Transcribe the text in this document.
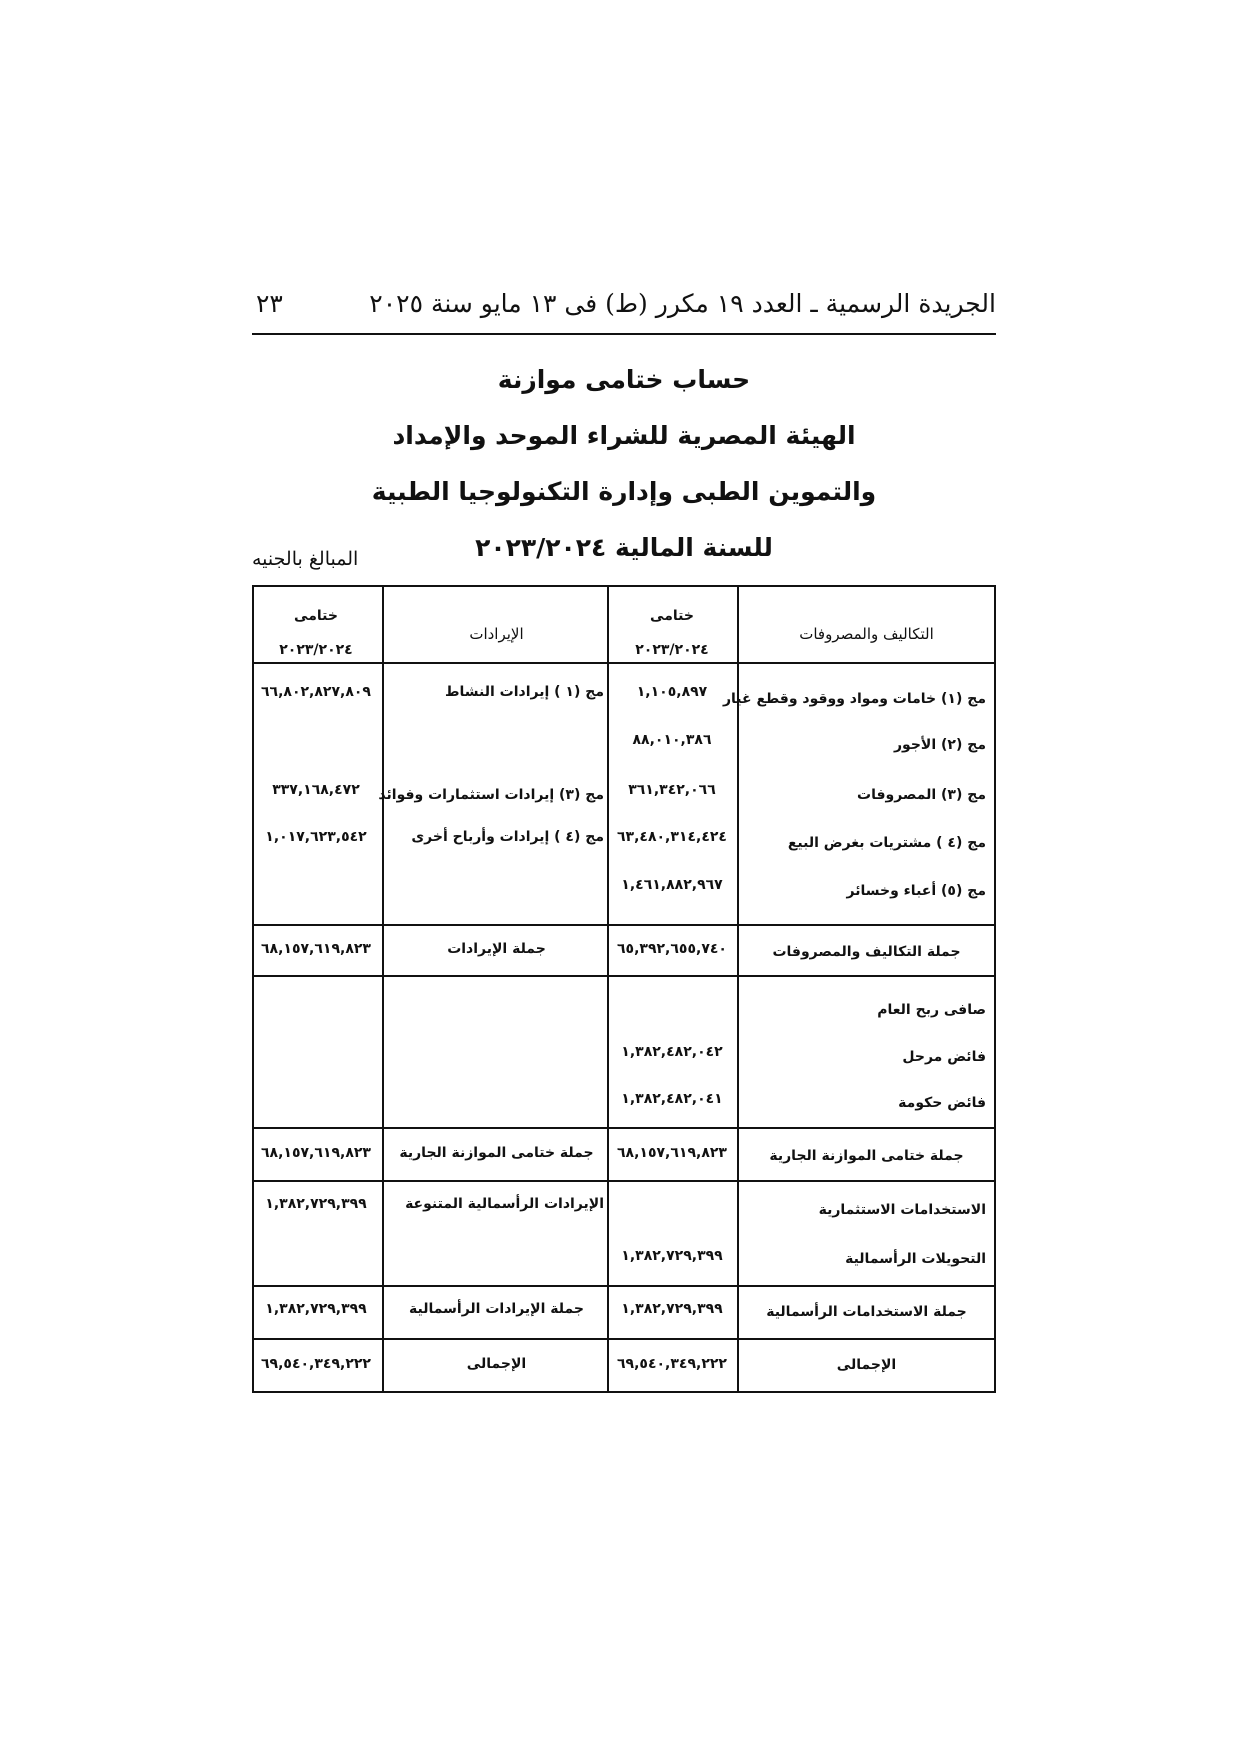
الجريدة الرسمية ـ العدد ١٩ مكرر (ط) فى ١٣ مايو سنة ٢٠٢٥
٢٣
حساب ختامى موازنة
الهيئة المصرية للشراء الموحد والإمداد
والتموين الطبى وإدارة التكنولوجيا الطبية
للسنة المالية ٢٠٢٣/٢٠٢٤
المبالغ بالجنيه
التكاليف والمصروفات
ختامى
٢٠٢٣/٢٠٢٤
الإيرادات
ختامى
٢٠٢٣/٢٠٢٤
مج (١) خامات ومواد ووقود وقطع غيار
١,١٠٥,٨٩٧
مج (١ ) إيرادات النشاط
٦٦,٨٠٢,٨٢٧,٨٠٩
مج (٢) الأجور
٨٨,٠١٠,٣٨٦
مج (٣) المصروفات
٣٦١,٣٤٢,٠٦٦
مج (٣) إيرادات استثمارات وفوائد
٣٣٧,١٦٨,٤٧٢
مج (٤ ) مشتريات بغرض البيع
٦٣,٤٨٠,٣١٤,٤٢٤
مج (٤ ) إيرادات وأرباح أخرى
١,٠١٧,٦٢٣,٥٤٢
مج (٥) أعباء وخسائر
١,٤٦١,٨٨٢,٩٦٧
جملة التكاليف والمصروفات
٦٥,٣٩٢,٦٥٥,٧٤٠
جملة الإيرادات
٦٨,١٥٧,٦١٩,٨٢٣
صافى ربح العام
فائض مرحل
١,٣٨٢,٤٨٢,٠٤٢
فائض حكومة
١,٣٨٢,٤٨٢,٠٤١
جملة ختامى الموازنة الجارية
٦٨,١٥٧,٦١٩,٨٢٣
جملة ختامى الموازنة الجارية
٦٨,١٥٧,٦١٩,٨٢٣
الاستخدامات الاستثمارية
الإيرادات الرأسمالية المتنوعة
١,٣٨٢,٧٢٩,٣٩٩
التحويلات الرأسمالية
١,٣٨٢,٧٢٩,٣٩٩
جملة الاستخدامات الرأسمالية
١,٣٨٢,٧٢٩,٣٩٩
جملة الإيرادات الرأسمالية
١,٣٨٢,٧٢٩,٣٩٩
الإجمالى
٦٩,٥٤٠,٣٤٩,٢٢٢
الإجمالى
٦٩,٥٤٠,٣٤٩,٢٢٢
